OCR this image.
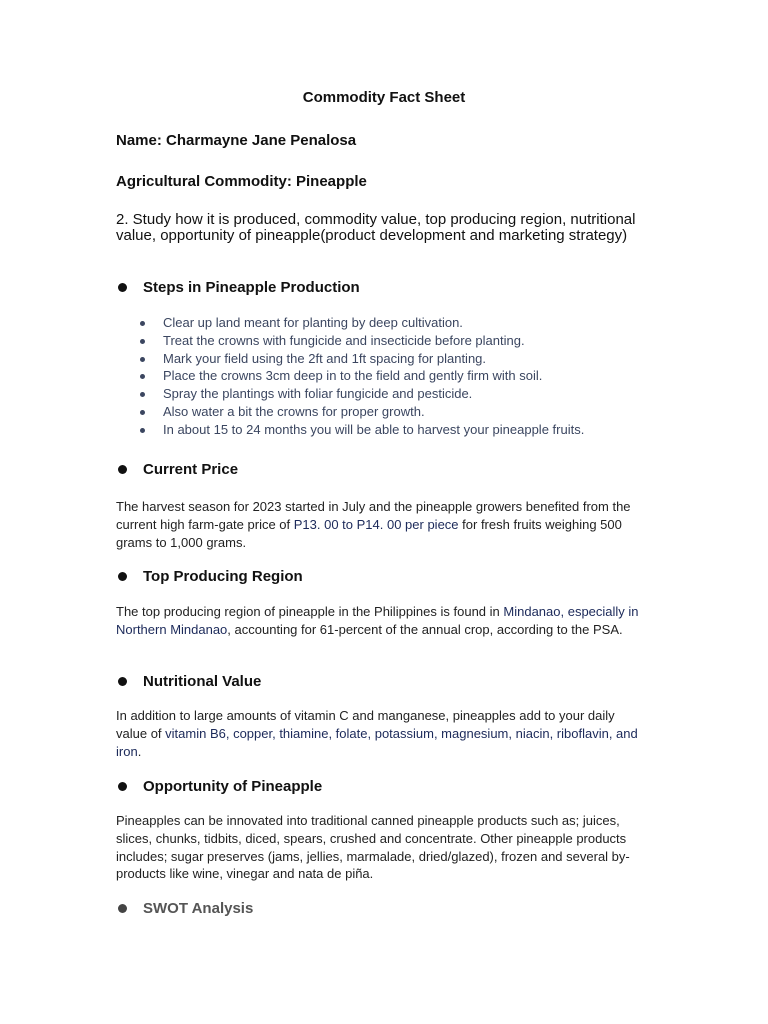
Commodity Fact Sheet
Name: Charmayne Jane Penalosa
Agricultural Commodity: Pineapple
2. Study how it is produced, commodity value, top producing region, nutritional value, opportunity of pineapple(product development and marketing strategy)
Steps in Pineapple Production
Clear up land meant for planting by deep cultivation.
Treat the crowns with fungicide and insecticide before planting.
Mark your field using the 2ft and 1ft spacing for planting.
Place the crowns 3cm deep in to the field and gently firm with soil.
Spray the plantings with foliar fungicide and pesticide.
Also water a bit the crowns for proper growth.
In about 15 to 24 months you will be able to harvest your pineapple fruits.
Current Price
The harvest season for 2023 started in July and the pineapple growers benefited from the current high farm-gate price of P13. 00 to P14. 00 per piece for fresh fruits weighing 500 grams to 1,000 grams.
Top Producing Region
The top producing region of pineapple in the Philippines is found in Mindanao, especially in Northern Mindanao, accounting for 61-percent of the annual crop, according to the PSA.
Nutritional Value
In addition to large amounts of vitamin C and manganese, pineapples add to your daily value of vitamin B6, copper, thiamine, folate, potassium, magnesium, niacin, riboflavin, and iron.
Opportunity of Pineapple
Pineapples can be innovated into traditional canned pineapple products such as; juices, slices, chunks, tidbits, diced, spears, crushed and concentrate. Other pineapple products includes; sugar preserves (jams, jellies, marmalade, dried/glazed), frozen and several by-products like wine, vinegar and nata de piña.
SWOT Analysis
